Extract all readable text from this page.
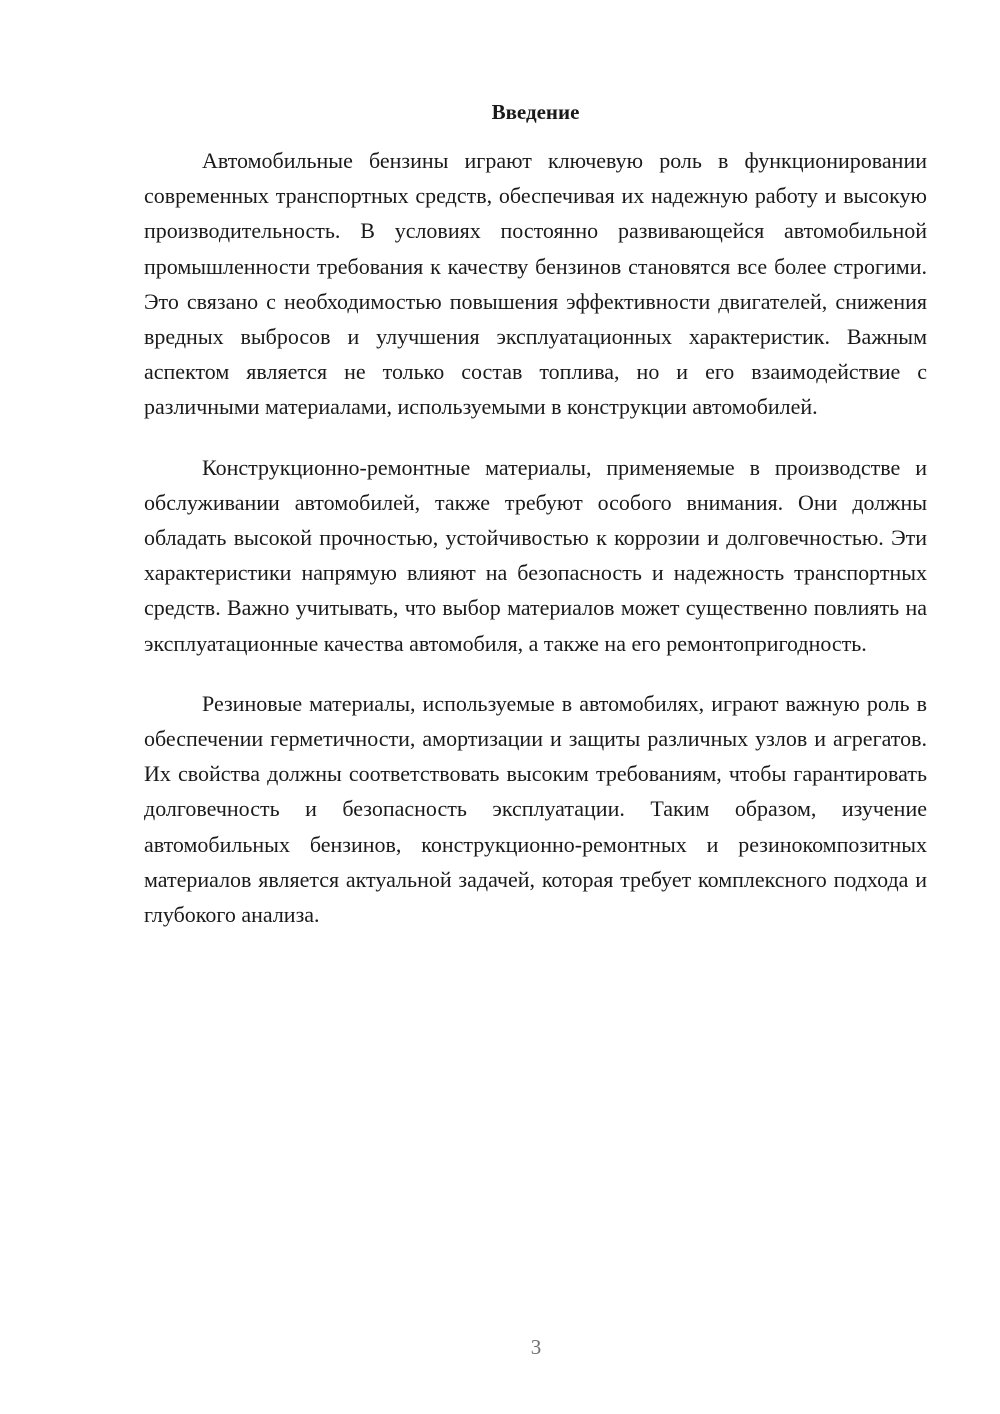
Введение

Автомобильные бензины играют ключевую роль в функционировании современных транспортных средств, обеспечивая их надежную работу и высокую производительность. В условиях постоянно развивающейся автомобильной промышленности требования к качеству бензинов становятся все более строгими. Это связано с необходимостью повышения эффективности двигателей, снижения вредных выбросов и улучшения эксплуатационных характеристик. Важным аспектом является не только состав топлива, но и его взаимодействие с различными материалами, используемыми в конструкции автомобилей.

Конструкционно-ремонтные материалы, применяемые в производстве и обслуживании автомобилей, также требуют особого внимания. Они должны обладать высокой прочностью, устойчивостью к коррозии и долговечностью. Эти характеристики напрямую влияют на безопасность и надежность транспортных средств. Важно учитывать, что выбор материалов может существенно повлиять на эксплуатационные качества автомобиля, а также на его ремонтопригодность.

Резиновые материалы, используемые в автомобилях, играют важную роль в обеспечении герметичности, амортизации и защиты различных узлов и агрегатов. Их свойства должны соответствовать высоким требованиям, чтобы гарантировать долговечность и безопасность эксплуатации. Таким образом, изучение автомобильных бензинов, конструкционно-ремонтных и резинокомпозитных материалов является актуальной задачей, которая требует комплексного подхода и глубокого анализа.

3
